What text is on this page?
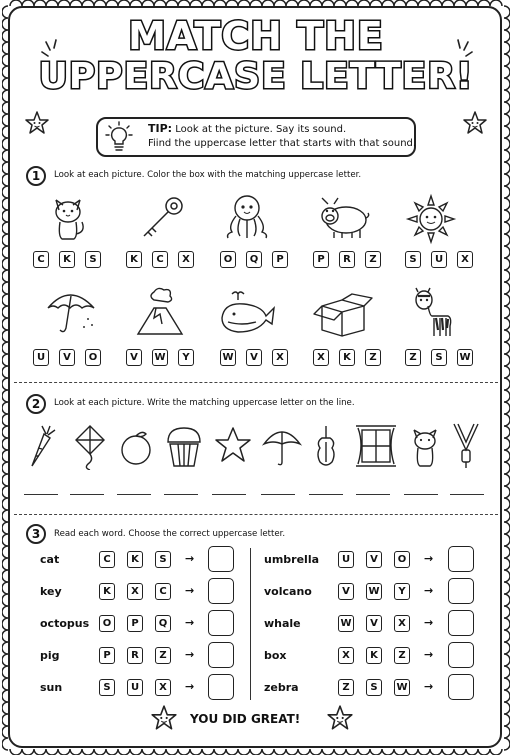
MATCH THE
UPPERCASE LETTER!
TIP: Look at the picture. Say its sound.
Fiind the uppercase letter that starts with that sound.
1	Look at each picture. Color the box with the matching uppercase letter.
C	K	S	K	C	X	O	Q	P	P	R	Z	S	U	X
U	V	O	V	W	Y	W	V	X	X	K	Z	Z	S	W
2	Look at each picture. Write the matching uppercase letter on the line.
3	Read each word. Choose the correct uppercase letter.
cat	C	K	S	→
key	K	X	C	→
octopus	O	P	Q	→
pig	P	R	Z	→
sun	S	U	X	→
umbrella	U	V	O	→
volcano	V	W	Y	→
whale	W	V	X	→
box	X	K	Z	→
zebra	Z	S	W →
YOU DID GREAT!
